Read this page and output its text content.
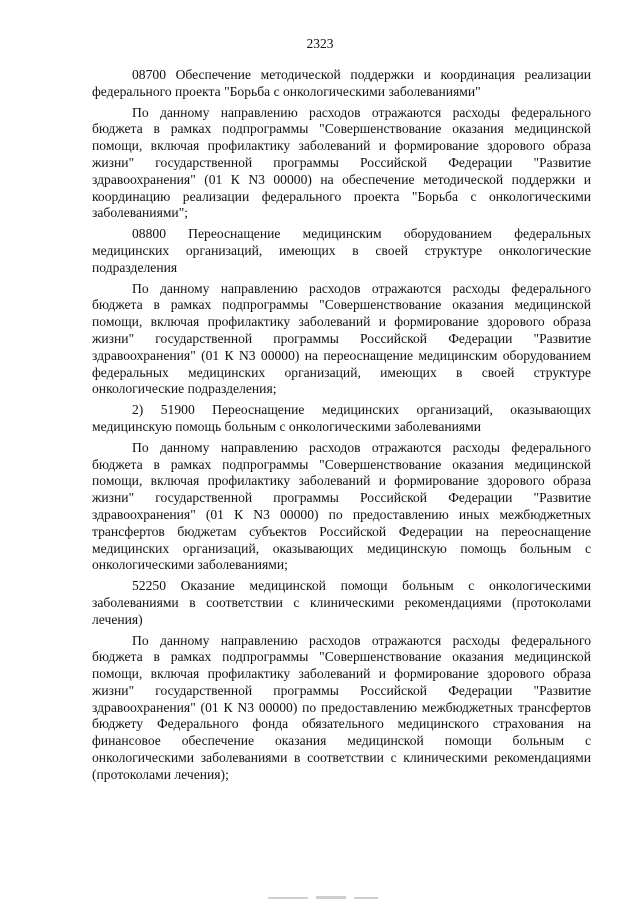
2323

08700 Обеспечение методической поддержки и координация реализации федерального проекта "Борьба с онкологическими заболеваниями"

По данному направлению расходов отражаются расходы федерального бюджета в рамках подпрограммы "Совершенствование оказания медицинской помощи, включая профилактику заболеваний и формирование здорового образа жизни" государственной программы Российской Федерации "Развитие здравоохранения" (01 К N3 00000) на обеспечение методической поддержки и координацию реализации федерального проекта "Борьба с онкологическими заболеваниями";

08800 Переоснащение медицинским оборудованием федеральных медицинских организаций, имеющих в своей структуре онкологические подразделения

По данному направлению расходов отражаются расходы федерального бюджета в рамках подпрограммы "Совершенствование оказания медицинской помощи, включая профилактику заболеваний и формирование здорового образа жизни" государственной программы Российской Федерации "Развитие здравоохранения" (01 К N3 00000) на переоснащение медицинским оборудованием федеральных медицинских организаций, имеющих в своей структуре онкологические подразделения;

2) 51900 Переоснащение медицинских организаций, оказывающих медицинскую помощь больным с онкологическими заболеваниями

По данному направлению расходов отражаются расходы федерального бюджета в рамках подпрограммы "Совершенствование оказания медицинской помощи, включая профилактику заболеваний и формирование здорового образа жизни" государственной программы Российской Федерации "Развитие здравоохранения" (01 К N3 00000) по предоставлению иных межбюджетных трансфертов бюджетам субъектов Российской Федерации на переоснащение медицинских организаций, оказывающих медицинскую помощь больным с онкологическими заболеваниями;

52250 Оказание медицинской помощи больным с онкологическими заболеваниями в соответствии с клиническими рекомендациями (протоколами лечения)

По данному направлению расходов отражаются расходы федерального бюджета в рамках подпрограммы "Совершенствование оказания медицинской помощи, включая профилактику заболеваний и формирование здорового образа жизни" государственной программы Российской Федерации "Развитие здравоохранения" (01 К N3 00000) по предоставлению межбюджетных трансфертов бюджету Федерального фонда обязательного медицинского страхования на финансовое обеспечение оказания медицинской помощи больным с онкологическими заболеваниями в соответствии с клиническими рекомендациями (протоколами лечения);
